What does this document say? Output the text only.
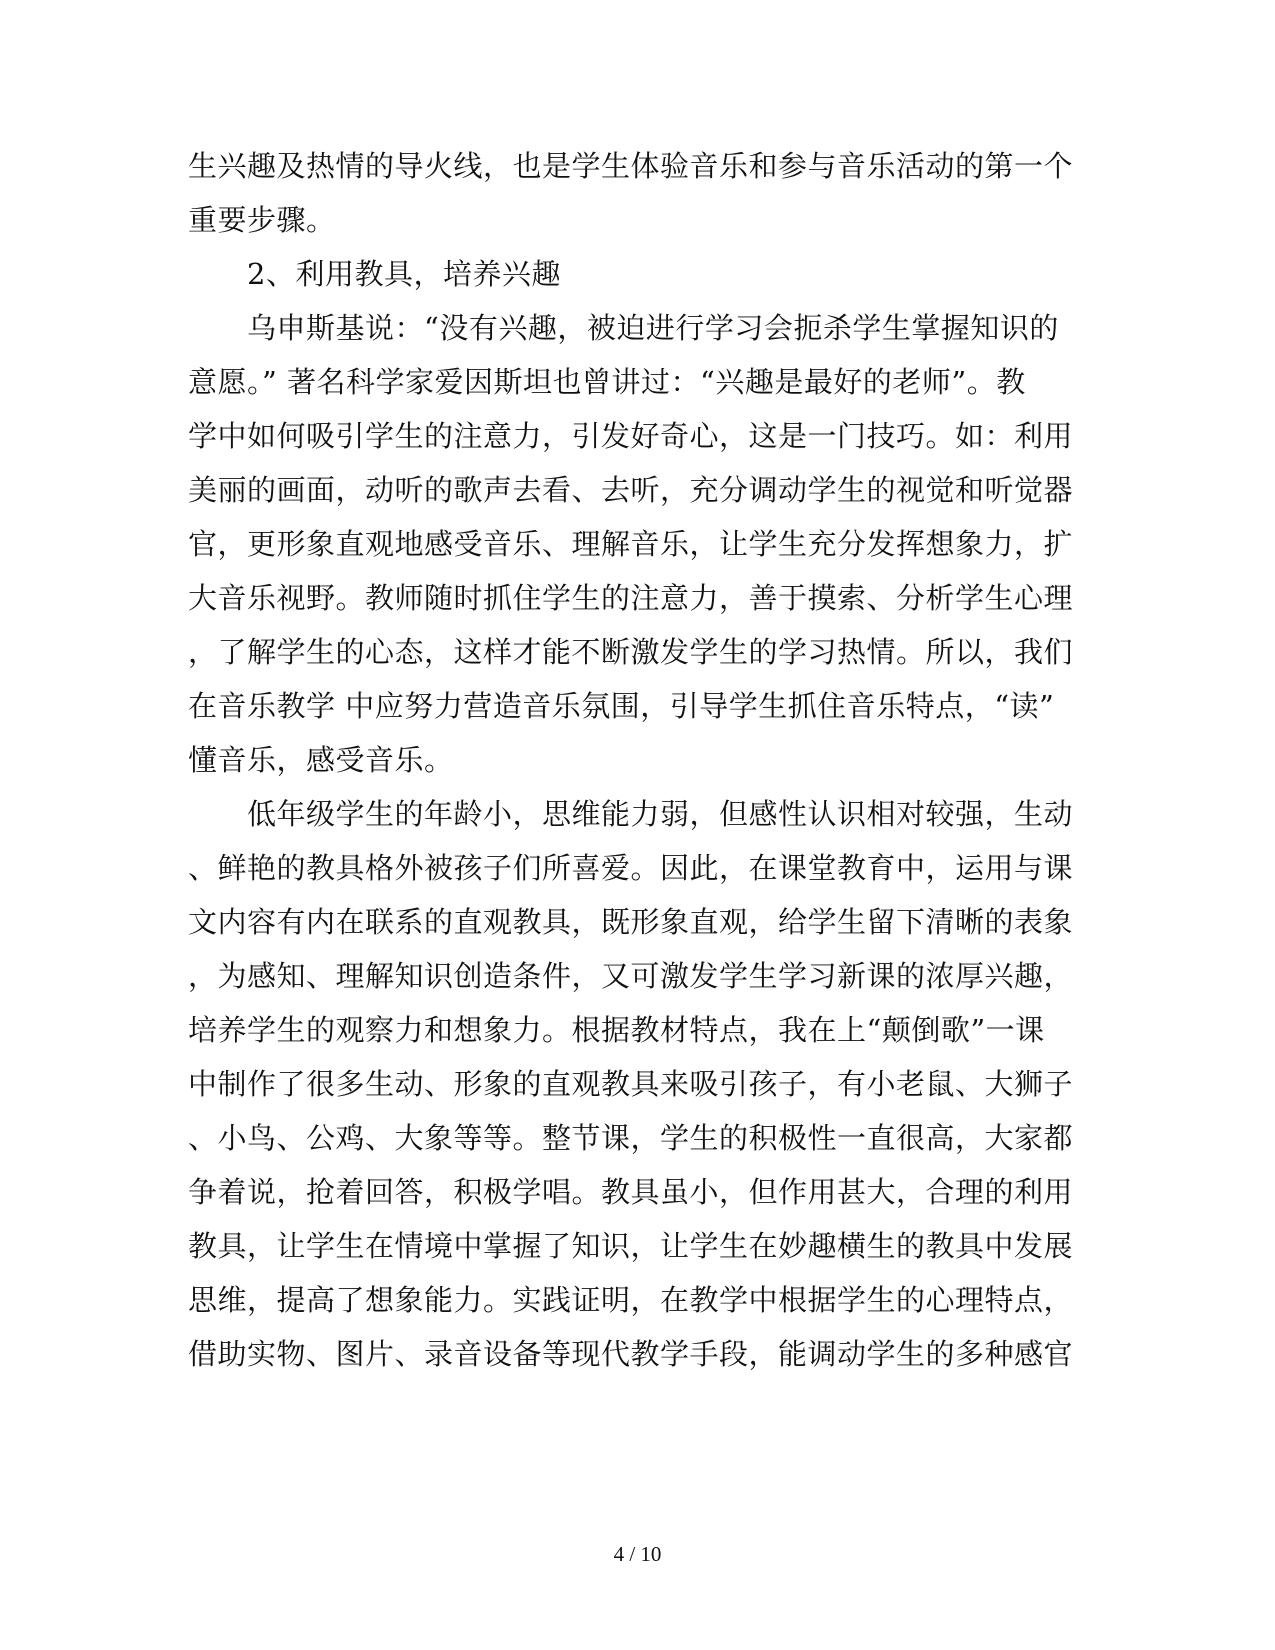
生兴趣及热情的导火线，也是学生体验音乐和参与音乐活动的第一个
重要步骤。
2、利用教具，培养兴趣
乌申斯基说：“没有兴趣，被迫进行学习会扼杀学生掌握知识的
意愿。” 著名科学家爱因斯坦也曾讲过：“兴趣是最好的老师”。教
学中如何吸引学生的注意力，引发好奇心，这是一门技巧。如：利用
美丽的画面，动听的歌声去看、去听，充分调动学生的视觉和听觉器
官，更形象直观地感受音乐、理解音乐，让学生充分发挥想象力，扩
大音乐视野。教师随时抓住学生的注意力，善于摸索、分析学生心理
，了解学生的心态，这样才能不断激发学生的学习热情。所以，我们
在音乐教学 中应努力营造音乐氛围，引导学生抓住音乐特点，“读”
懂音乐，感受音乐。
低年级学生的年龄小，思维能力弱，但感性认识相对较强，生动
、鲜艳的教具格外被孩子们所喜爱。因此，在课堂教育中，运用与课
文内容有内在联系的直观教具，既形象直观，给学生留下清晰的表象
，为感知、理解知识创造条件，又可激发学生学习新课的浓厚兴趣，
培养学生的观察力和想象力。根据教材特点，我在上“颠倒歌”一课
中制作了很多生动、形象的直观教具来吸引孩子，有小老鼠、大狮子
、小鸟、公鸡、大象等等。整节课，学生的积极性一直很高，大家都
争着说，抢着回答，积极学唱。教具虽小，但作用甚大，合理的利用
教具，让学生在情境中掌握了知识，让学生在妙趣横生的教具中发展
思维，提高了想象能力。实践证明，在教学中根据学生的心理特点，
借助实物、图片、录音设备等现代教学手段，能调动学生的多种感官
4 / 10
